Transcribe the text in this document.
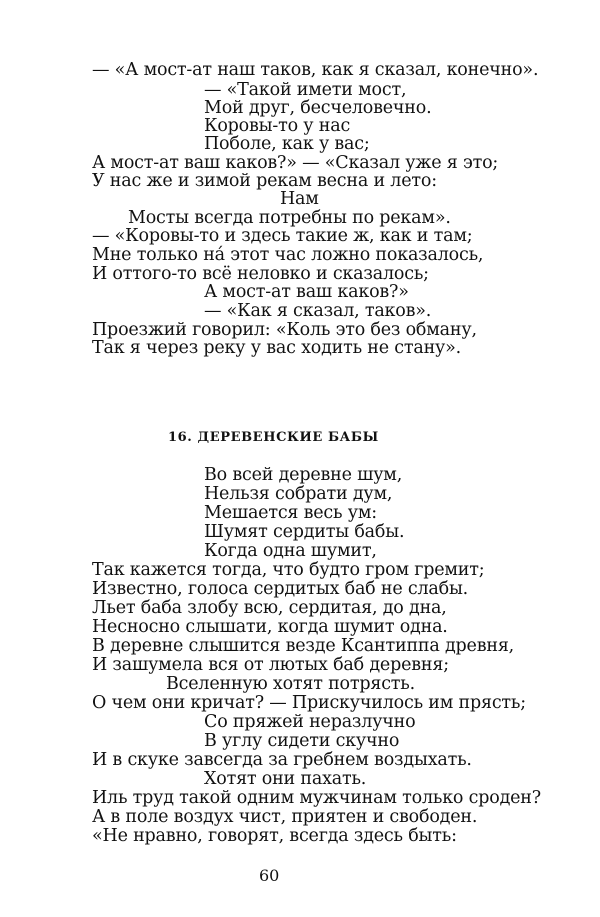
— «А мост-ат наш таков, как я сказал, конечно».
— «Такой имети мост,
Мой друг, бесчеловечно.
Коровы-то у нас
Поболе, как у вас;
А мост-ат ваш каков?» — «Сказал уже я это;
У нас же и зимой рекам весна и лето:
Нам
Мосты всегда потребны по рекам».
— «Коровы-то и здесь такие ж, как и там;
Мне только на́ этот час ложно показалось,
И оттого-то всё неловко и сказалось;
А мост-ат ваш каков?»
— «Как я сказал, таков».
Проезжий говорил: «Коль это без обману,
Так я через реку у вас ходить не стану».
16. ДЕРЕВЕНСКИЕ БАБЫ
Во всей деревне шум,
Нельзя собрати дум,
Мешается весь ум:
Шумят сердиты бабы.
Когда одна шумит,
Так кажется тогда, что будто гром гремит;
Известно, голоса сердитых баб не слабы.
Льет баба злобу всю, сердитая, до дна,
Несносно слышати, когда шумит одна.
В деревне слышится везде Ксантиппа древня,
И зашумела вся от лютых баб деревня;
Вселенную хотят потрясть.
О чем они кричат? — Прискучилось им прясть;
Со пряжей неразлучно
В углу сидети скучно
И в скуке завсегда за гребнем воздыхать.
Хотят они пахать.
Иль труд такой одним мужчинам только сроден?
А в поле воздух чист, приятен и свободен.
«Не нравно, говорят, всегда здесь быть:
60
